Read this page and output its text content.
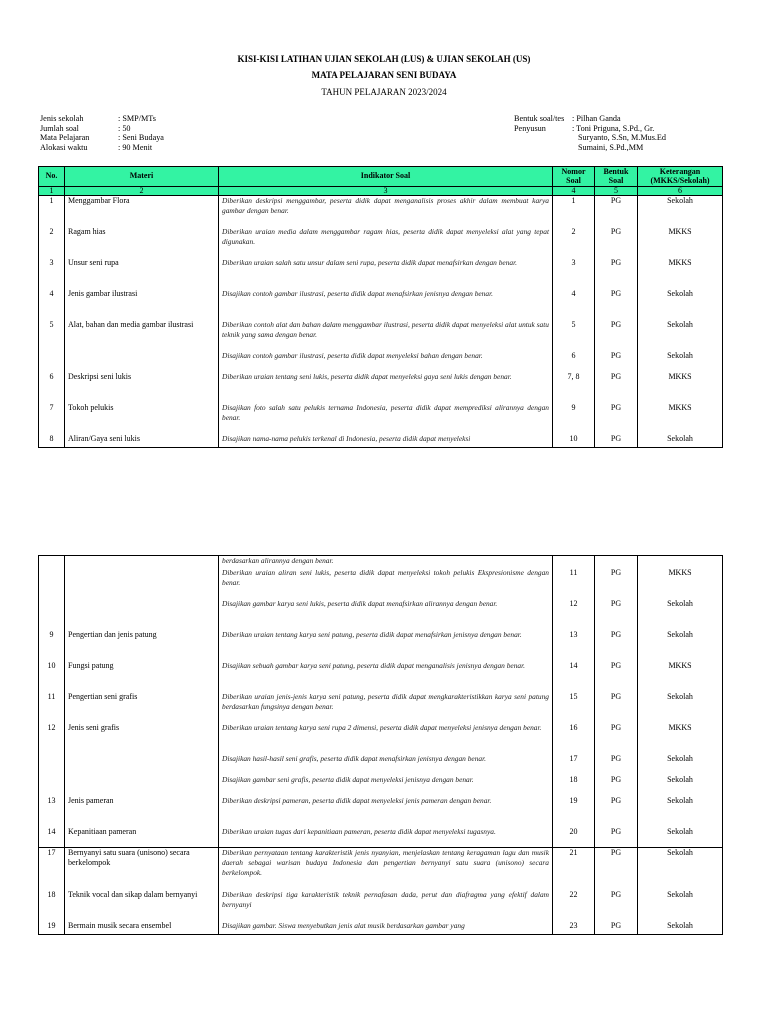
KISI-KISI LATIHAN UJIAN SEKOLAH (LUS) & UJIAN SEKOLAH (US)
MATA PELAJARAN SENI BUDAYA
TAHUN PELAJARAN 2023/2024
Jenis sekolah	: SMP/MTs
Jumlah soal	: 50
Mata Pelajaran	: Seni Budaya
Alokasi waktu	: 90 Menit
Bentuk soal/tes : Pilhan Ganda
Penyusun	: Toni Priguna, S.Pd., Gr.
Suryanto, S.Sn, M.Mus.Ed
Sumaini, S.Pd.,MM
No.	Materi	Indikator Soal	Nomor Soal	Bentuk Soal	Keterangan (MKKS/Sekolah)
1	2	3	4	5	6
1	Menggambar Flora	Diberikan deskripsi menggambar, peserta didik dapat menganalisis proses akhir dalam membuat karya gambar dengan benar.	1	PG	Sekolah
2	Ragam hias	Diberikan uraian media dalam menggambar ragam hias, peserta didik dapat menyeleksi alat yang tepat digunakan.	2	PG	MKKS
3	Unsur seni rupa	Diberikan uraian salah satu unsur dalam seni rupa, peserta didik dapat menafsirkan dengan benar.	3	PG	MKKS
4	Jenis gambar ilustrasi	Disajikan contoh gambar ilustrasi, peserta didik dapat menafsirkan jenisnya dengan benar.	4	PG	Sekolah
5	Alat, bahan dan media gambar ilustrasi	Diberikan contoh alat dan bahan dalam menggambar ilustrasi, peserta didik dapat menyeleksi alat untuk satu teknik yang sama dengan benar.	5	PG	Sekolah
		Disajikan contoh gambar ilustrasi, peserta didik dapat menyeleksi bahan dengan benar.	6	PG	Sekolah
6	Deskripsi seni lukis	Diberikan uraian tentang seni lukis, peserta didik dapat menyeleksi gaya seni lukis dengan benar.	7, 8	PG	MKKS
7	Tokoh pelukis	Disajikan foto salah satu pelukis ternama Indonesia, peserta didik dapat memprediksi alirannya dengan benar.	9	PG	MKKS
8	Aliran/Gaya seni lukis	Disajikan nama-nama pelukis terkenal di Indonesia, peserta didik dapat menyeleksi	10	PG	Sekolah
		berdasarkan alirannya dengan benar.			
		Diberikan uraian aliran seni lukis, peserta didik dapat menyeleksi tokoh pelukis Ekspresionisme dengan benar.	11	PG	MKKS
		Disajikan gambar karya seni lukis, peserta didik dapat menafsirkan alirannya dengan benar.	12	PG	Sekolah
9	Pengertian dan jenis patung	Diberikan uraian tentang karya seni patung, peserta didik dapat menafsirkan jenisnya dengan benar.	13	PG	Sekolah
10	Fungsi patung	Disajikan sebuah gambar karya seni patung, peserta didik dapat menganalisis jenisnya dengan benar.	14	PG	MKKS
11	Pengertian seni grafis	Diberikan uraian jenis-jenis karya seni patung, peserta didik dapat mengkarakteristikkan karya seni patung berdasarkan fungsinya dengan benar.	15	PG	Sekolah
12	Jenis seni grafis	Diberikan uraian tentang karya seni rupa 2 dimensi, peserta didik dapat menyeleksi jenisnya dengan benar.	16	PG	MKKS
		Disajikan hasil-hasil seni grafis, peserta didik dapat menafsirkan jenisnya dengan benar.	17	PG	Sekolah
		Disajikan gambar seni grafis, peserta didik dapat menyeleksi jenisnya dengan benar.	18	PG	Sekolah
13	Jenis pameran	Diberikan deskripsi pameran, peserta didik dapat menyeleksi jenis pameran dengan benar.	19	PG	Sekolah
14	Kepanitiaan pameran	Diberikan uraian tugas dari kepanitiaan pameran, peserta didik dapat menyeleksi tugasnya.	20	PG	Sekolah
17	Bernyanyi satu suara (unisono) secara berkelompok	Diberikan pernyataan tentang karakteristik jenis nyanyian, menjelaskan tentang keragaman lagu dan musik daerah sebagai warisan budaya Indonesia dan pengertian bernyanyi satu suara (unisono) secara berkelompok.	21	PG	Sekolah
18	Teknik vocal dan sikap dalam bernyanyi	Diberikan deskripsi tiga karakteristik teknik pernafasan dada, perut dan diafragma yang efektif dalam bernyanyi	22	PG	Sekolah
19	Bermain musik secara ensembel	Disajikan gambar. Siswa menyebutkan jenis alat musik berdasarkan gambar yang	23	PG	Sekolah
